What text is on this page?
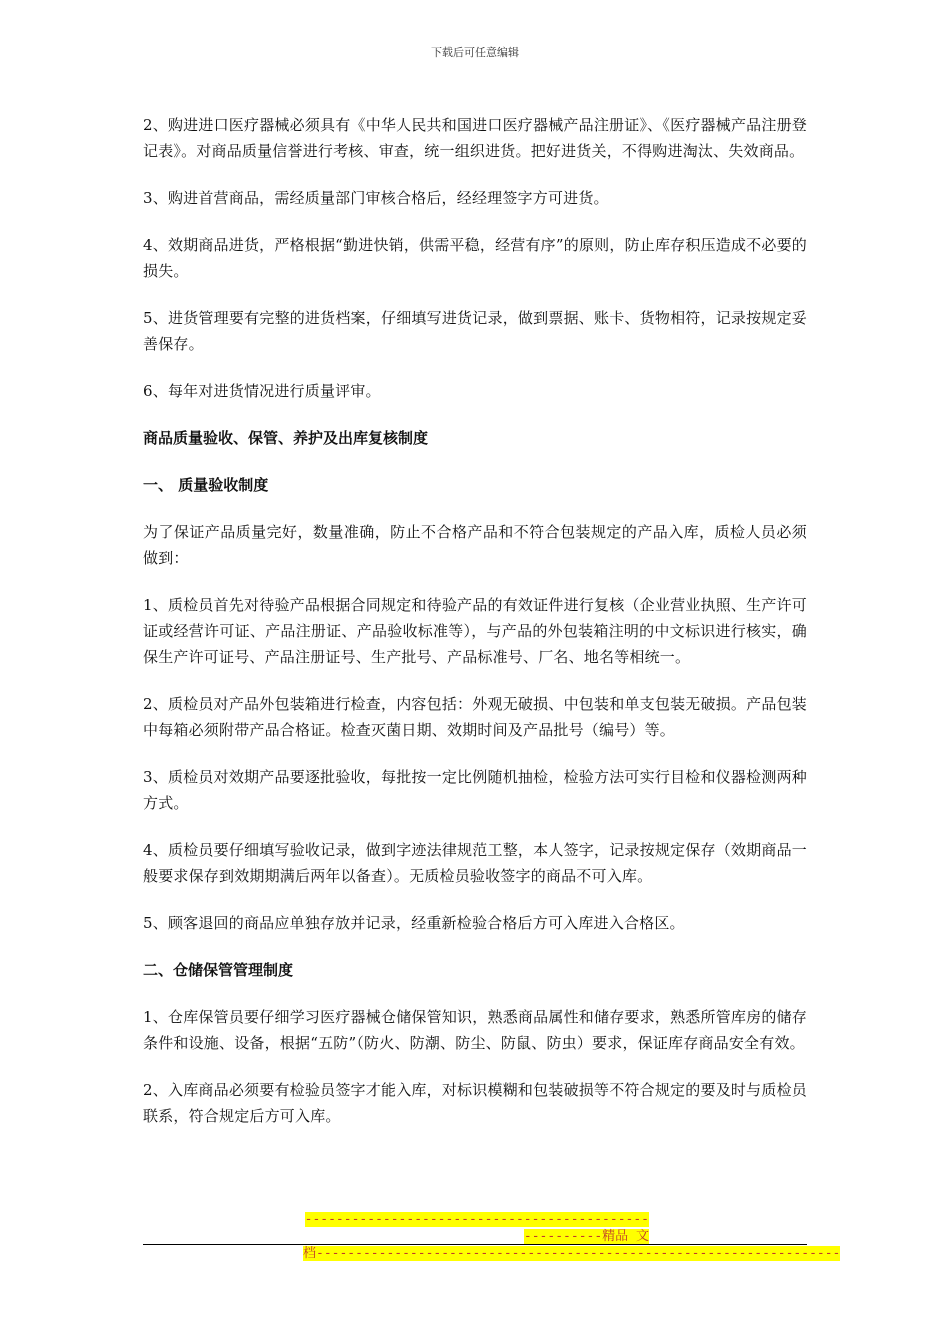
下载后可任意编辑

2、购进进口医疗器械必须具有《中华人民共和国进口医疗器械产品注册证》、《医疗器械产品注册登记表》。对商品质量信誉进行考核、审查，统一组织进货。把好进货关，不得购进淘汰、失效商品。

3、购进首营商品，需经质量部门审核合格后，经经理签字方可进货。

4、效期商品进货，严格根据“勤进快销，供需平稳，经营有序”的原则，防止库存积压造成不必要的损失。

5、进货管理要有完整的进货档案，仔细填写进货记录，做到票据、账卡、货物相符，记录按规定妥善保存。

6、每年对进货情况进行质量评审。

商品质量验收、保管、养护及出库复核制度

一、 质量验收制度

为了保证产品质量完好，数量准确，防止不合格产品和不符合包装规定的产品入库，质检人员必须做到：

1、质检员首先对待验产品根据合同规定和待验产品的有效证件进行复核（企业营业执照、生产许可证或经营许可证、产品注册证、产品验收标准等），与产品的外包装箱注明的中文标识进行核实，确保生产许可证号、产品注册证号、生产批号、产品标准号、厂名、地名等相统一。

2、质检员对产品外包装箱进行检查，内容包括：外观无破损、中包装和单支包装无破损。产品包装中每箱必须附带产品合格证。检查灭菌日期、效期时间及产品批号（编号）等。

3、质检员对效期产品要逐批验收，每批按一定比例随机抽检，检验方法可实行目检和仪器检测两种方式。

4、质检员要仔细填写验收记录，做到字迹法律规范工整，本人签字，记录按规定保存（效期商品一般要求保存到效期期满后两年以备查）。无质检员验收签字的商品不可入库。

5、顾客退回的商品应单独存放并记录，经重新检验合格后方可入库进入合格区。

二、仓储保管管理制度

1、仓库保管员要仔细学习医疗器械仓储保管知识，熟悉商品属性和储存要求，熟悉所管库房的储存条件和设施、设备，根据“五防”（防火、防潮、防尘、防鼠、防虫）要求，保证库存商品安全有效。

2、入库商品必须要有检验员签字才能入库，对标识模糊和包装破损等不符合规定的要及时与质检员联系，符合规定后方可入库。

------------------------------------------------------精品 文
档-------------------------------------------------------------------
